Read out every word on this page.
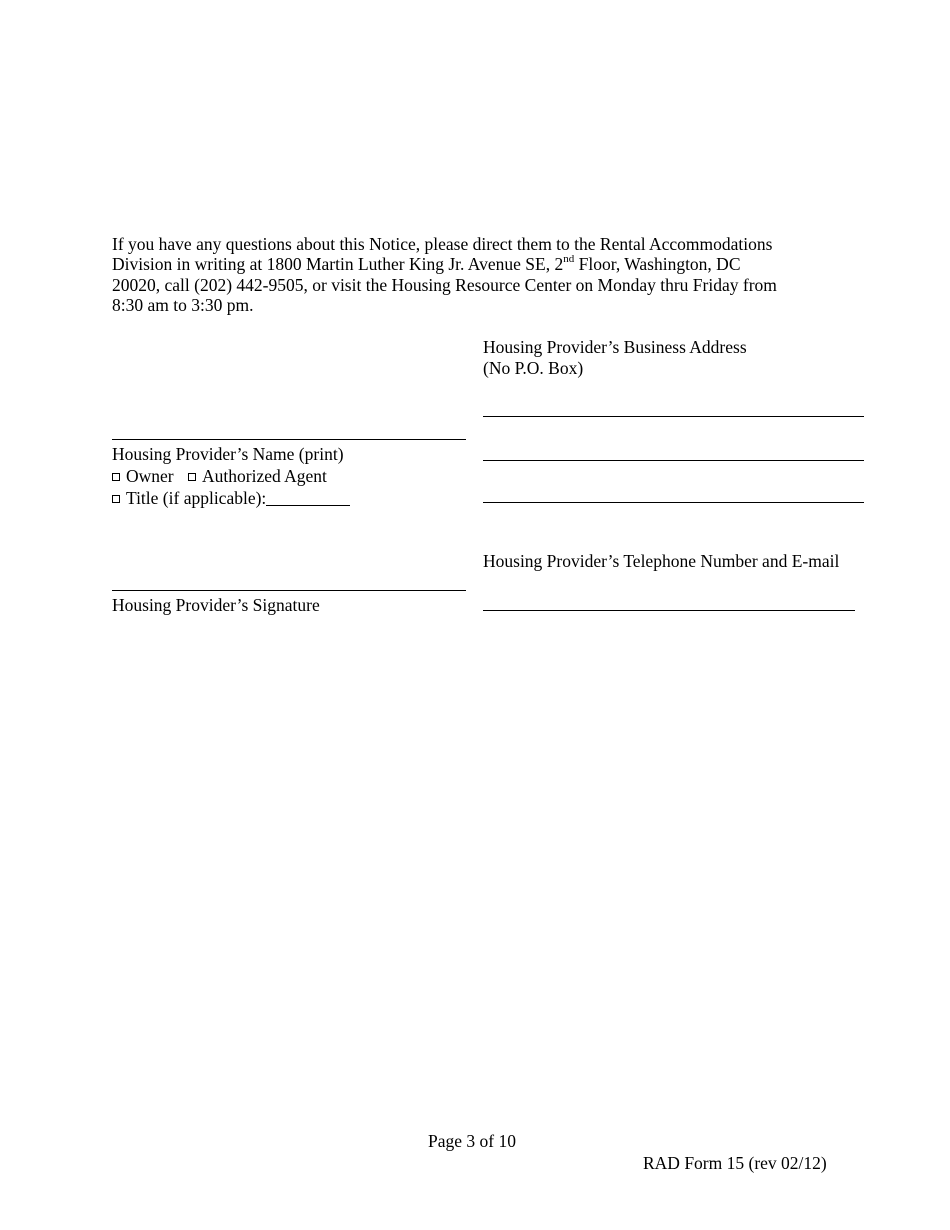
If you have any questions about this Notice, please direct them to the Rental Accommodations
Division in writing at 1800 Martin Luther King Jr. Avenue SE, 2nd Floor, Washington, DC
20020, call (202) 442-9505, or visit the Housing Resource Center on Monday thru Friday from
8:30 am to 3:30 pm.
Housing Provider’s Business Address
(No P.O. Box)
Housing Provider’s Name (print)
Owner Authorized Agent
Title (if applicable):
Housing Provider’s Telephone Number and E-mail
Housing Provider’s Signature
Page 3 of 10
RAD Form 15 (rev 02/12)
